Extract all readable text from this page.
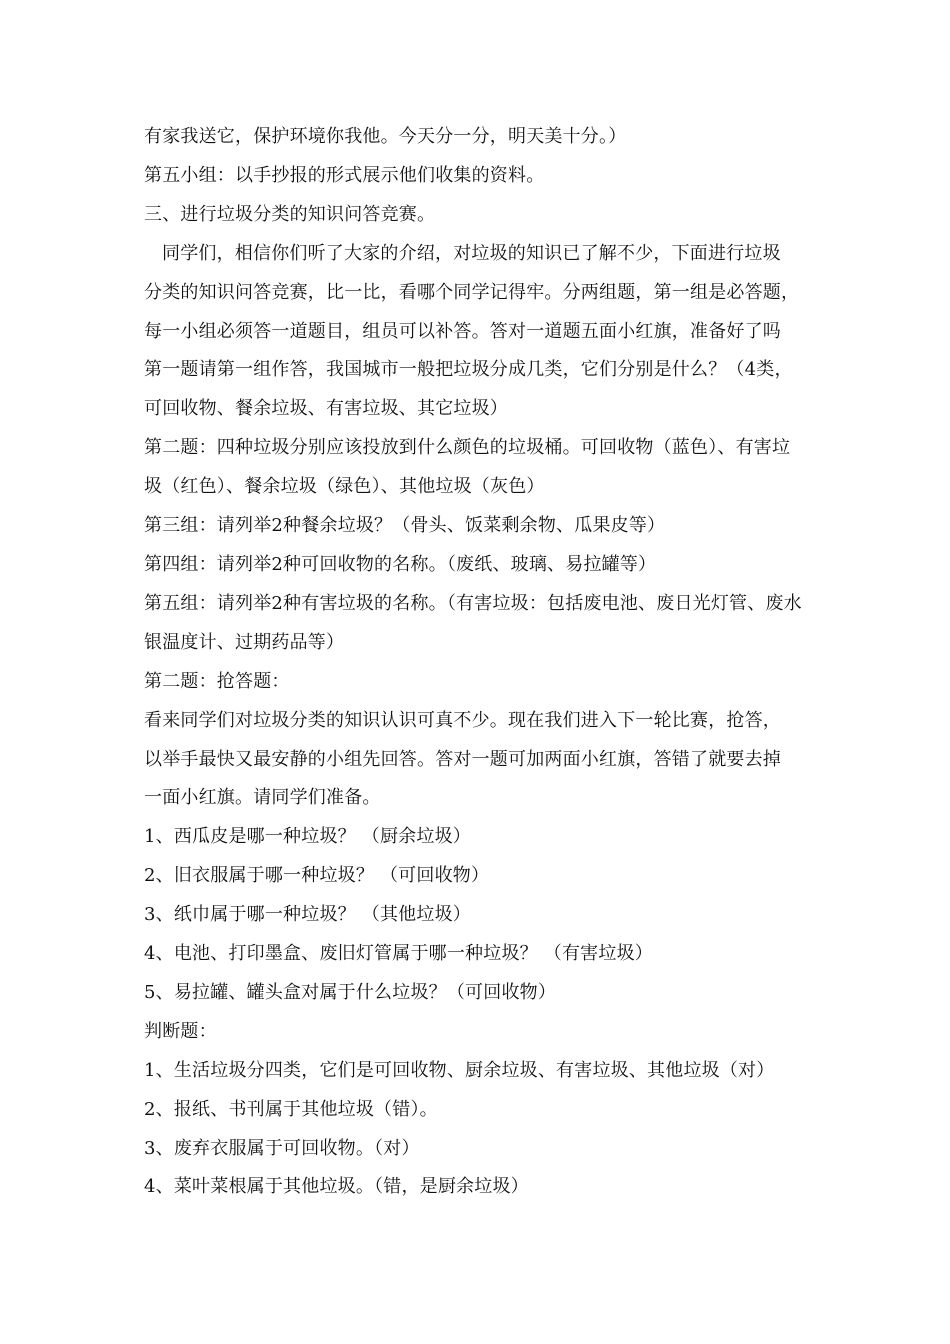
有家我送它，保护环境你我他。今天分一分，明天美十分。）
第五小组：以手抄报的形式展示他们收集的资料。
三、进行垃圾分类的知识问答竞赛。
同学们，相信你们听了大家的介绍，对垃圾的知识已了解不少，下面进行垃圾
分类的知识问答竞赛，比一比，看哪个同学记得牢。分两组题，第一组是必答题，
每一小组必须答一道题目，组员可以补答。答对一道题五面小红旗，准备好了吗
第一题请第一组作答，我国城市一般把垃圾分成几类，它们分别是什么？（4类，
可回收物、餐余垃圾、有害垃圾、其它垃圾）
第二题：四种垃圾分别应该投放到什么颜色的垃圾桶。可回收物（蓝色）、有害垃
圾（红色）、餐余垃圾（绿色）、其他垃圾（灰色）
第三组：请列举2种餐余垃圾？（骨头、饭菜剩余物、瓜果皮等）
第四组：请列举2种可回收物的名称。（废纸、玻璃、易拉罐等）
第五组：请列举2种有害垃圾的名称。（有害垃圾：包括废电池、废日光灯管、废水
银温度计、过期药品等）
第二题：抢答题：
看来同学们对垃圾分类的知识认识可真不少。现在我们进入下一轮比赛，抢答，
以举手最快又最安静的小组先回答。答对一题可加两面小红旗，答错了就要去掉
一面小红旗。请同学们准备。
1、西瓜皮是哪一种垃圾？ （厨余垃圾）
2、旧衣服属于哪一种垃圾？ （可回收物）
3、纸巾属于哪一种垃圾？ （其他垃圾）
4、电池、打印墨盒、废旧灯管属于哪一种垃圾？ （有害垃圾）
5、易拉罐、罐头盒对属于什么垃圾？（可回收物）
判断题：
1、生活垃圾分四类，它们是可回收物、厨余垃圾、有害垃圾、其他垃圾（对）
2、报纸、书刊属于其他垃圾（错）。
3、废弃衣服属于可回收物。（对）
4、菜叶菜根属于其他垃圾。（错，是厨余垃圾）
